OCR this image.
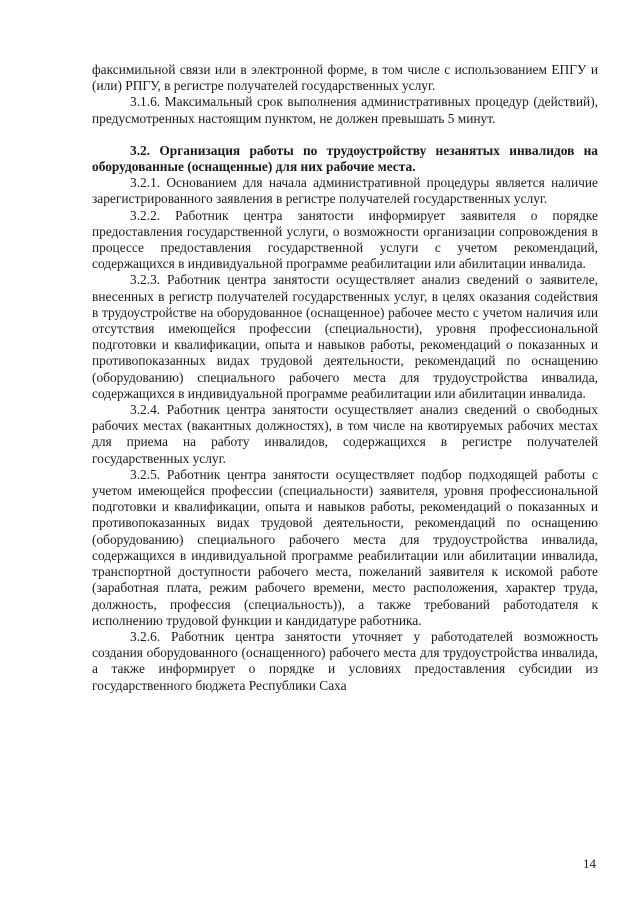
факсимильной связи или в электронной форме, в том числе с использованием ЕПГУ и (или) РПГУ, в регистре получателей государственных услуг.

3.1.6. Максимальный срок выполнения административных процедур (действий), предусмотренных настоящим пунктом, не должен превышать 5 минут.

3.2. Организация работы по трудоустройству незанятых инвалидов на оборудованные (оснащенные) для них рабочие места.

3.2.1. Основанием для начала административной процедуры является наличие зарегистрированного заявления в регистре получателей государственных услуг.

3.2.2. Работник центра занятости информирует заявителя о порядке предоставления государственной услуги, о возможности организации сопровождения в процессе предоставления государственной услуги с учетом рекомендаций, содержащихся в индивидуальной программе реабилитации или абилитации инвалида.

3.2.3. Работник центра занятости осуществляет анализ сведений о заявителе, внесенных в регистр получателей государственных услуг, в целях оказания содействия в трудоустройстве на оборудованное (оснащенное) рабочее место с учетом наличия или отсутствия имеющейся профессии (специальности), уровня профессиональной подготовки и квалификации, опыта и навыков работы, рекомендаций о показанных и противопоказанных видах трудовой деятельности, рекомендаций по оснащению (оборудованию) специального рабочего места для трудоустройства инвалида, содержащихся в индивидуальной программе реабилитации или абилитации инвалида.

3.2.4. Работник центра занятости осуществляет анализ сведений о свободных рабочих местах (вакантных должностях), в том числе на квотируемых рабочих местах для приема на работу инвалидов, содержащихся в регистре получателей государственных услуг.

3.2.5. Работник центра занятости осуществляет подбор подходящей работы с учетом имеющейся профессии (специальности) заявителя, уровня профессиональной подготовки и квалификации, опыта и навыков работы, рекомендаций о показанных и противопоказанных видах трудовой деятельности, рекомендаций по оснащению (оборудованию) специального рабочего места для трудоустройства инвалида, содержащихся в индивидуальной программе реабилитации или абилитации инвалида, транспортной доступности рабочего места, пожеланий заявителя к искомой работе (заработная плата, режим рабочего времени, место расположения, характер труда, должность, профессия (специальность)), а также требований работодателя к исполнению трудовой функции и кандидатуре работника.

3.2.6. Работник центра занятости уточняет у работодателей возможность создания оборудованного (оснащенного) рабочего места для трудоустройства инвалида, а также информирует о порядке и условиях предоставления субсидии из государственного бюджета Республики Саха

14
